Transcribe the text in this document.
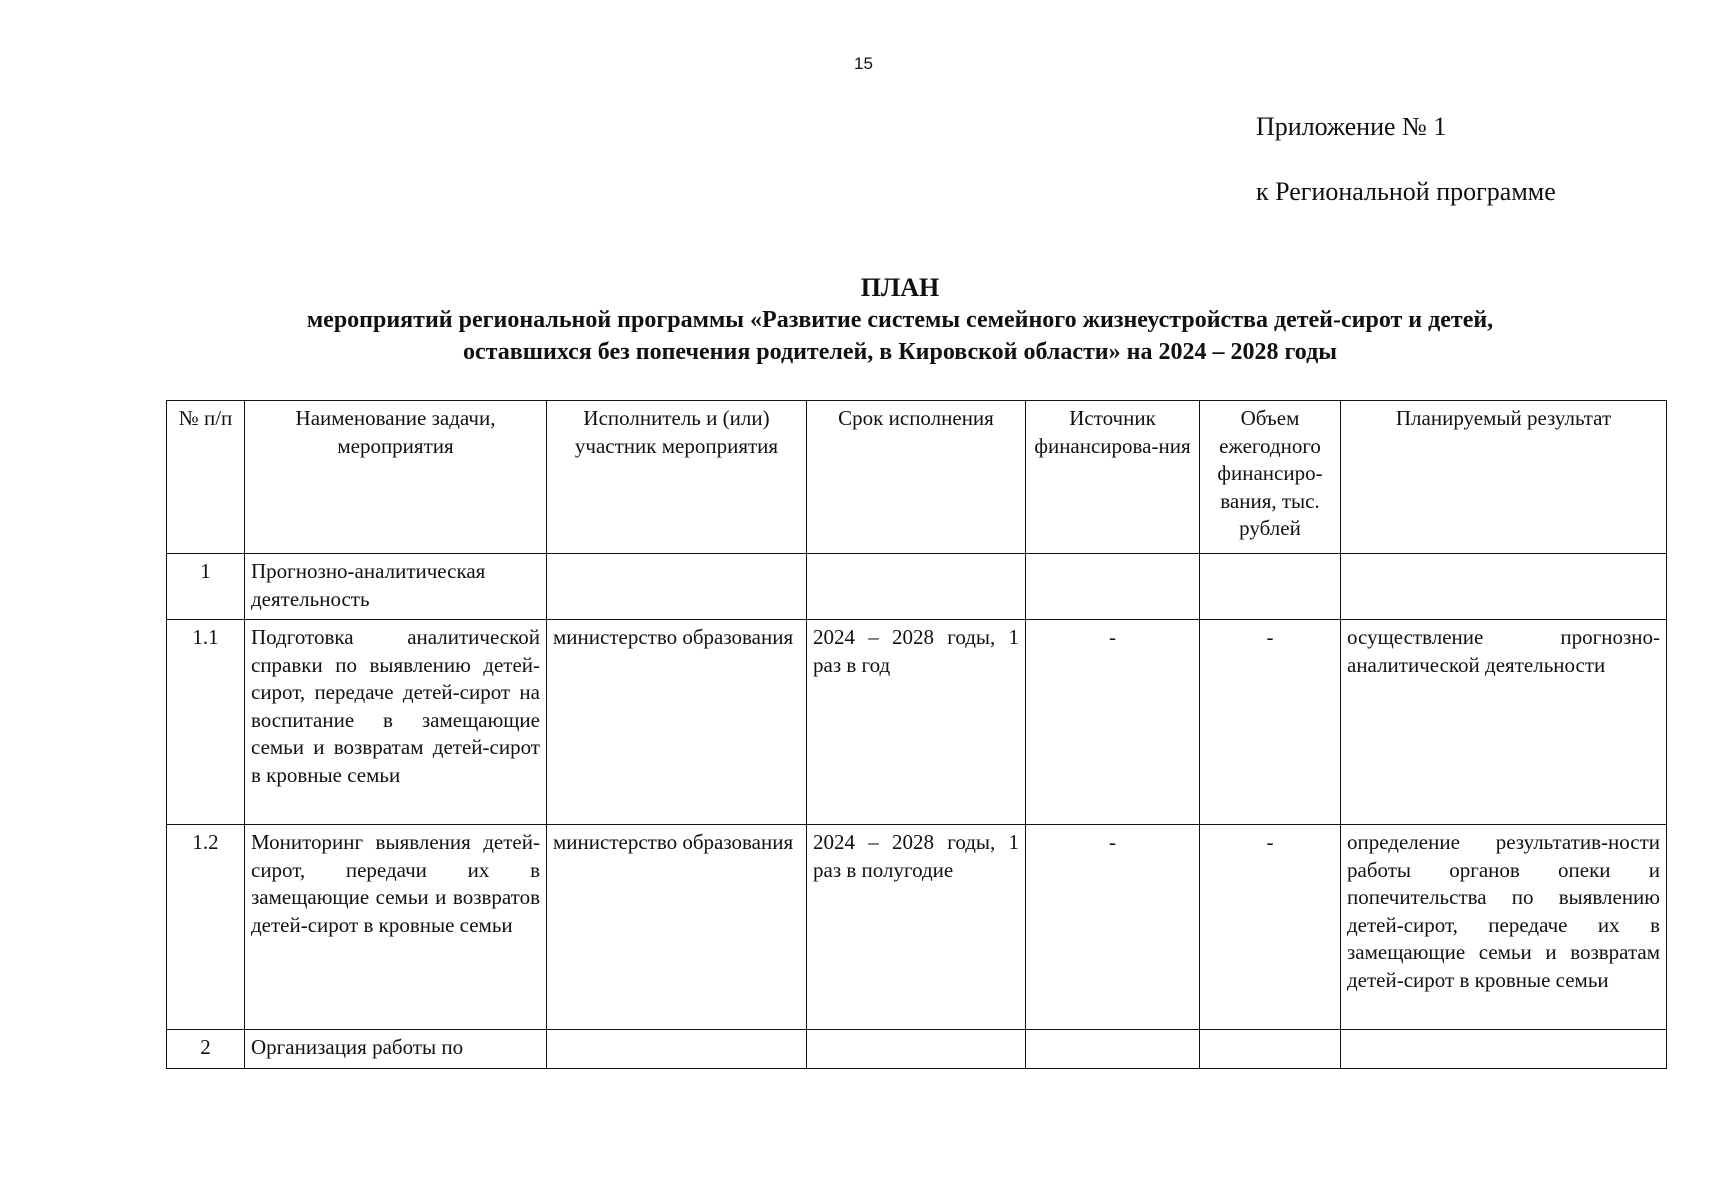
15
Приложение № 1
к Региональной программе
ПЛАН
мероприятий региональной программы «Развитие системы семейного жизнеустройства детей-сирот и детей,
оставшихся без попечения родителей, в Кировской области» на 2024 – 2028 годы
№ п/п	Наименование задачи, мероприятия	Исполнитель и (или) участник мероприятия	Срок исполнения	Источник финансирова-ния	Объем ежегодного финансиро-вания, тыс. рублей	Планируемый результат
1	Прогнозно-аналитическая деятельность					
1.1	Подготовка аналитической справки по выявлению детей-сирот, передаче детей-сирот на воспитание в замещающие семьи и возвратам детей-сирот в кровные семьи	министерство образования	2024 – 2028 годы, 1 раз в год	-	-	осуществление прогнозно-аналитической деятельности
1.2	Мониторинг выявления детей-сирот, передачи их в замещающие семьи и возвратов детей-сирот в кровные семьи	министерство образования	2024 – 2028 годы, 1 раз в полугодие	-	-	определение результатив-ности работы органов опеки и попечительства по выявлению детей-сирот, передаче их в замещающие семьи и возвратам детей-сирот в кровные семьи
2	Организация работы по					
